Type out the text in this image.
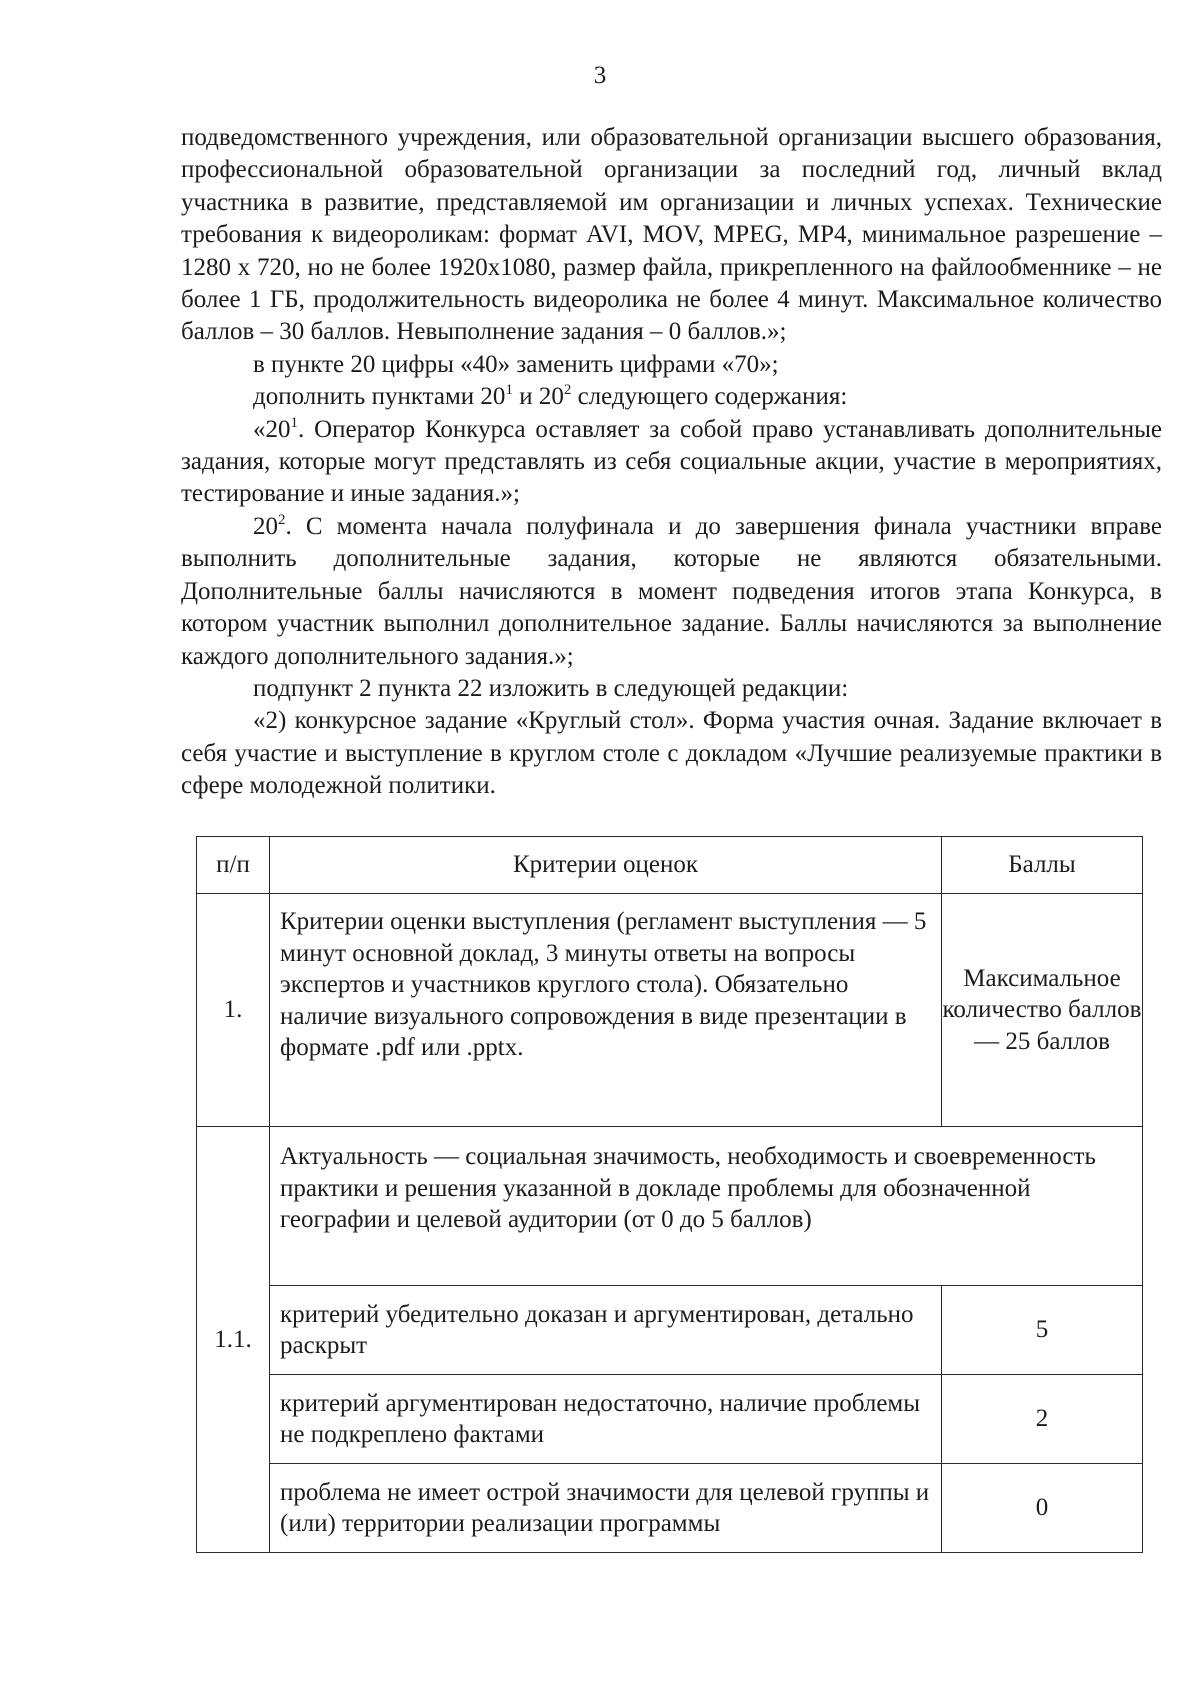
3

подведомственного учреждения, или образовательной организации высшего образования, профессиональной образовательной организации за последний год, личный вклад участника в развитие, представляемой им организации и личных успехах. Технические требования к видеороликам: формат AVI, MOV, MPEG, MP4, минимальное разрешение – 1280 х 720, но не более 1920x1080, размер файла, прикрепленного на файлообменнике – не более 1 ГБ, продолжительность видеоролика не более 4 минут. Максимальное количество баллов – 30 баллов. Невыполнение задания – 0 баллов.»;

в пункте 20 цифры «40» заменить цифрами «70»;

дополнить пунктами $20^1$ и $20^2$ следующего содержания:

«$20^1$. Оператор Конкурса оставляет за собой право устанавливать дополнительные задания, которые могут представлять из себя социальные акции, участие в мероприятиях, тестирование и иные задания.»;

$20^2$. С момента начала полуфинала и до завершения финала участники вправе выполнить дополнительные задания, которые не являются обязательными. Дополнительные баллы начисляются в момент подведения итогов этапа Конкурса, в котором участник выполнил дополнительное задание. Баллы начисляются за выполнение каждого дополнительного задания.»;

подпункт 2 пункта 22 изложить в следующей редакции:

«2) конкурсное задание «Круглый стол». Форма участия очная. Задание включает в себя участие и выступление в круглом столе с докладом «Лучшие реализуемые практики в сфере молодежной политики.

п/п	Критерии оценок	Баллы
1.	Критерии оценки выступления (регламент выступления — 5 минут основной доклад, 3 минуты ответы на вопросы экспертов и участников круглого стола). Обязательно наличие визуального сопровождения в виде презентации в формате .pdf или .pptx.	Максимальное количество баллов — 25 баллов
1.1.	Актуальность — социальная значимость, необходимость и своевременность практики и решения указанной в докладе проблемы для обозначенной географии и целевой аудитории (от 0 до 5 баллов)	
	критерий убедительно доказан и аргументирован, детально раскрыт	5
	критерий аргументирован недостаточно, наличие проблемы не подкреплено фактами	2
	проблема не имеет острой значимости для целевой группы и (или) территории реализации программы	0
